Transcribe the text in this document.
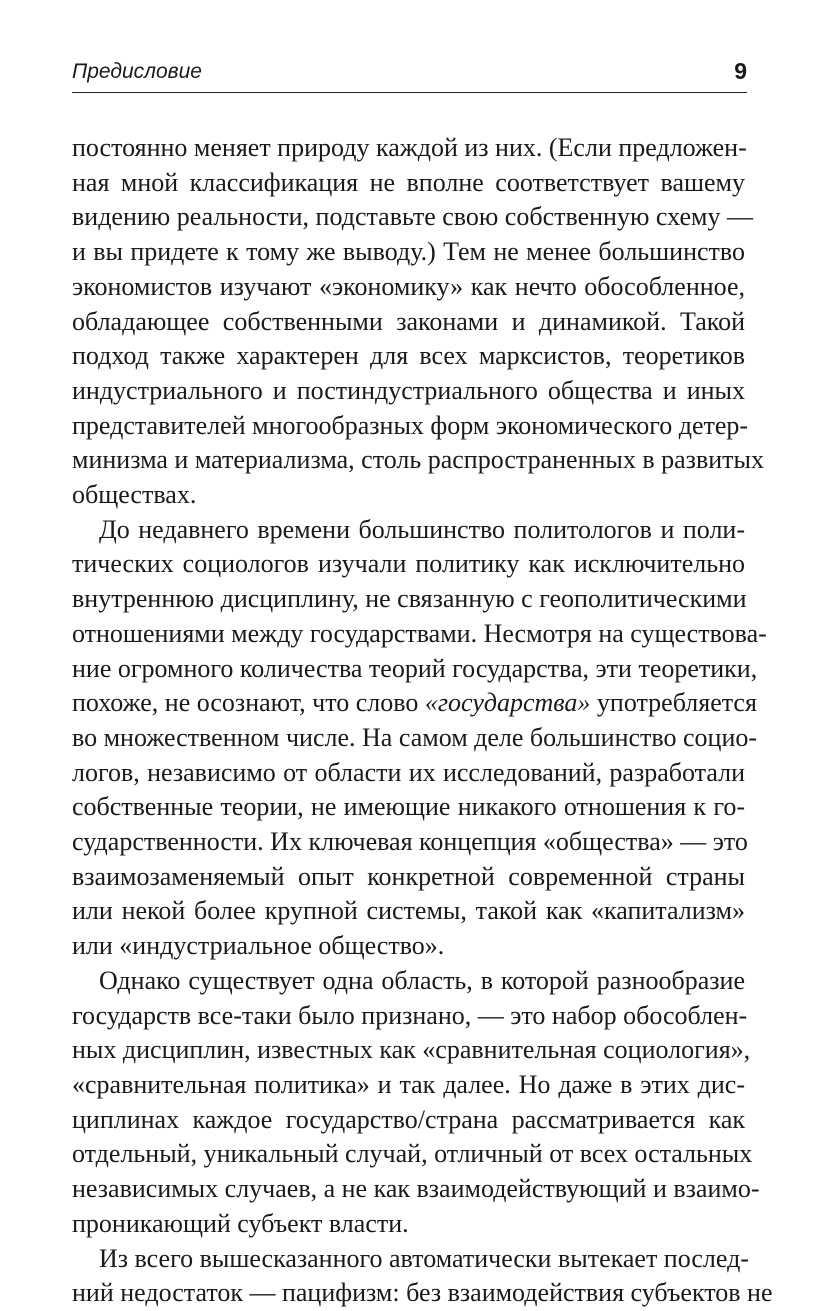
Предисловие	9

постоянно меняет природу каждой из них. (Если предложен-
ная мной классификация не вполне соответствует вашему
видению реальности, подставьте свою собственную схему —
и вы придете к тому же выводу.) Тем не менее большинство
экономистов изучают «экономику» как нечто обособленное,
обладающее собственными законами и динамикой. Такой
подход также характерен для всех марксистов, теоретиков
индустриального и постиндустриального общества и иных
представителей многообразных форм экономического детер-
минизма и материализма, столь распространенных в развитых
обществах.

До недавнего времени большинство политологов и поли-
тических социологов изучали политику как исключительно
внутреннюю дисциплину, не связанную с геополитическими
отношениями между государствами. Несмотря на существова-
ние огромного количества теорий государства, эти теоретики,
похоже, не осознают, что слово «государства» употребляется
во множественном числе. На самом деле большинство социо-
логов, независимо от области их исследований, разработали
собственные теории, не имеющие никакого отношения к го-
сударственности. Их ключевая концепция «общества» — это
взаимозаменяемый опыт конкретной современной страны
или некой более крупной системы, такой как «капитализм»
или «индустриальное общество».

Однако существует одна область, в которой разнообразие
государств все-таки было признано, — это набор обособлен-
ных дисциплин, известных как «сравнительная социология»,
«сравнительная политика» и так далее. Но даже в этих дис-
циплинах каждое государство/страна рассматривается как
отдельный, уникальный случай, отличный от всех остальных
независимых случаев, а не как взаимодействующий и взаимо-
проникающий субъект власти.

Из всего вышесказанного автоматически вытекает послед-
ний недостаток — пацифизм: без взаимодействия субъектов не
